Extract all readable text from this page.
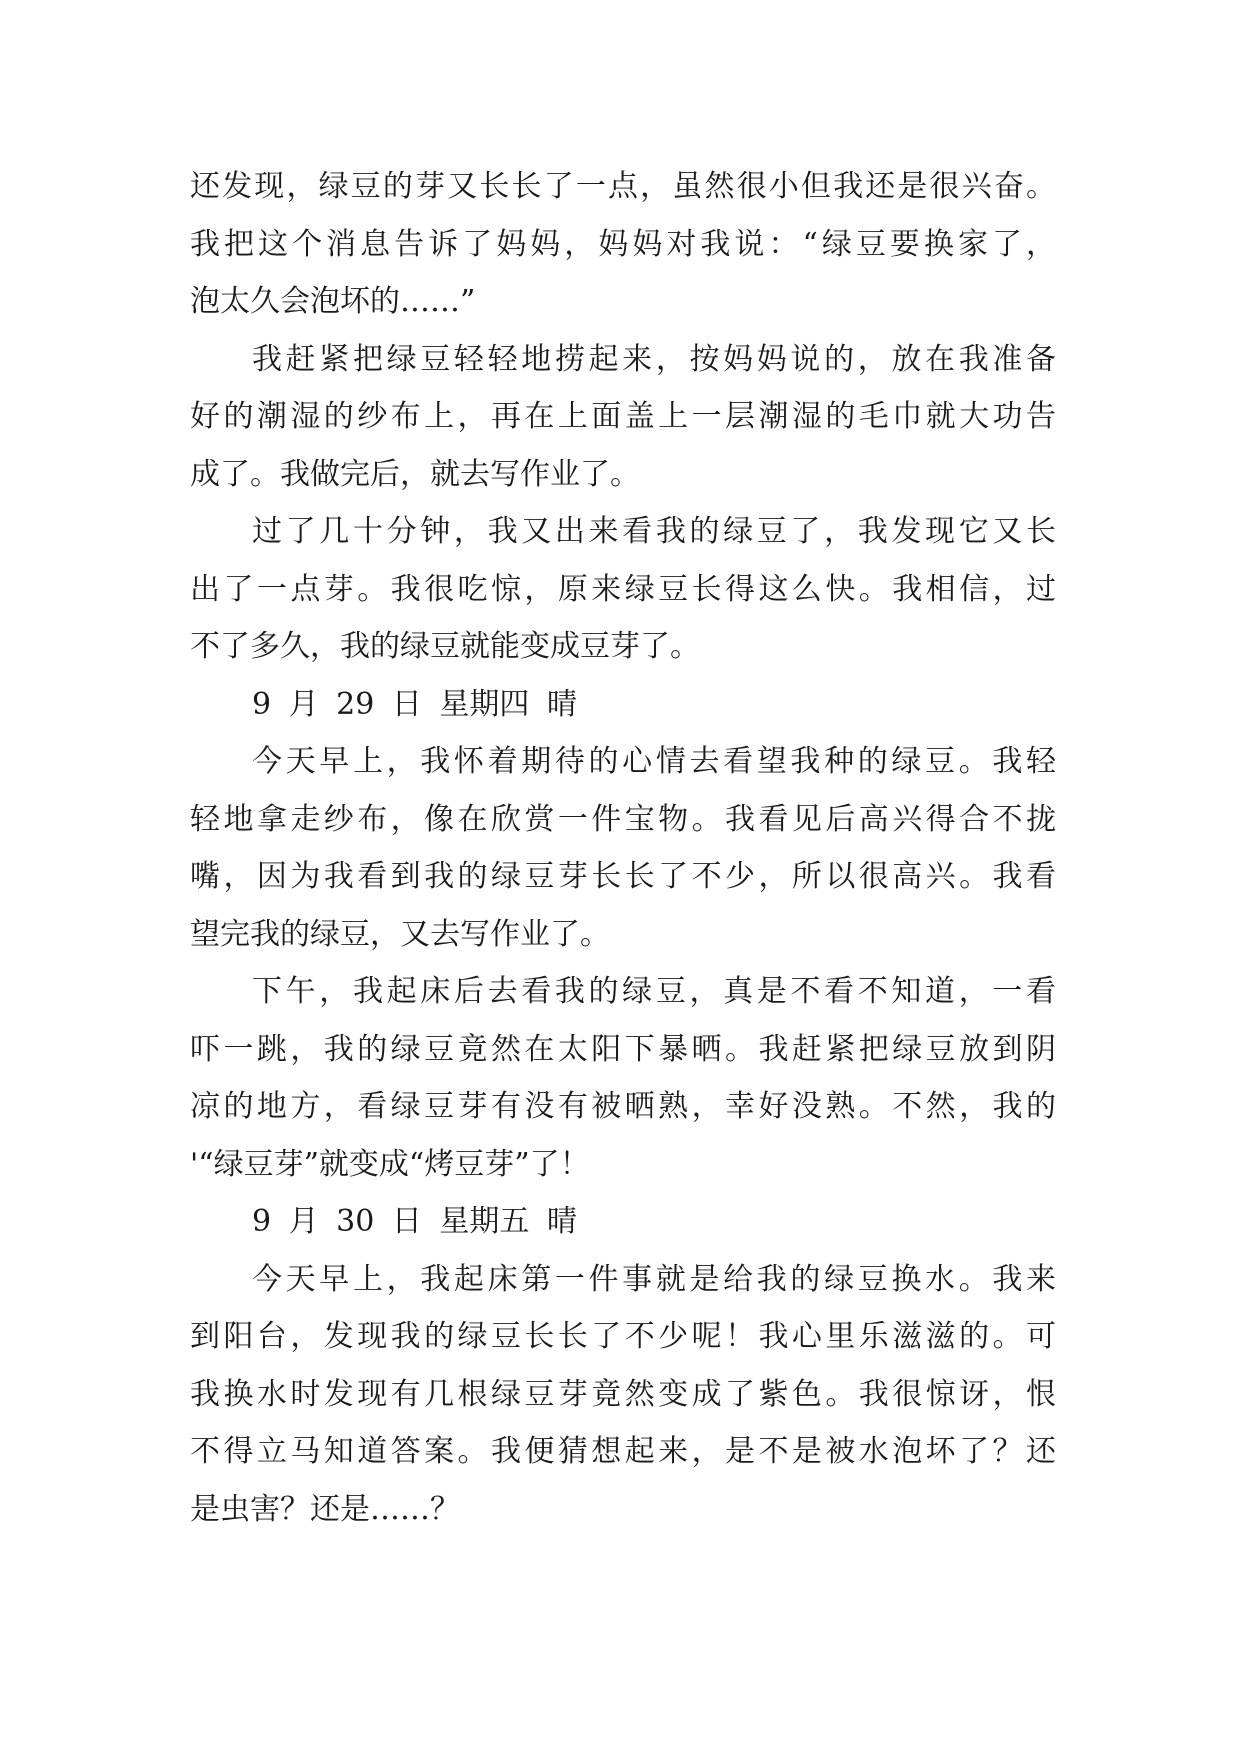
还发现，绿豆的芽又长长了一点，虽然很小但我还是很兴奋。
我把这个消息告诉了妈妈，妈妈对我说：“绿豆要换家了，
泡太久会泡坏的……”
我赶紧把绿豆轻轻地捞起来，按妈妈说的，放在我准备
好的潮湿的纱布上，再在上面盖上一层潮湿的毛巾就大功告
成了。我做完后，就去写作业了。
过了几十分钟，我又出来看我的绿豆了，我发现它又长
出了一点芽。我很吃惊，原来绿豆长得这么快。我相信，过
不了多久，我的绿豆就能变成豆芽了。
9 月 29 日 星期四 晴
今天早上，我怀着期待的心情去看望我种的绿豆。我轻
轻地拿走纱布，像在欣赏一件宝物。我看见后高兴得合不拢
嘴，因为我看到我的绿豆芽长长了不少，所以很高兴。我看
望完我的绿豆，又去写作业了。
下午，我起床后去看我的绿豆，真是不看不知道，一看
吓一跳，我的绿豆竟然在太阳下暴晒。我赶紧把绿豆放到阴
凉的地方，看绿豆芽有没有被晒熟，幸好没熟。不然，我的
'“绿豆芽”就变成“烤豆芽”了！
9 月 30 日 星期五 晴
今天早上，我起床第一件事就是给我的绿豆换水。我来
到阳台，发现我的绿豆长长了不少呢！我心里乐滋滋的。可
我换水时发现有几根绿豆芽竟然变成了紫色。我很惊讶，恨
不得立马知道答案。我便猜想起来，是不是被水泡坏了？还
是虫害？还是……？
